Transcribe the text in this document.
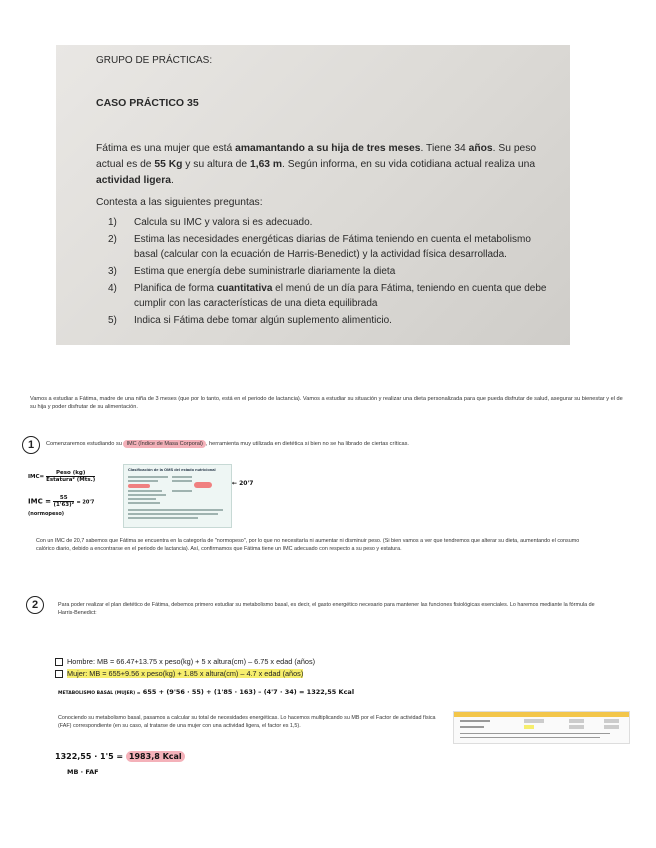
GRUPO DE PRÁCTICAS:
CASO PRÁCTICO 35
Fátima es una mujer que está amamantando a su hija de tres meses. Tiene 34 años. Su peso actual es de 55 Kg y su altura de 1,63 m. Según informa, en su vida cotidiana actual realiza una actividad ligera.
Contesta a las siguientes preguntas:
1)	Calcula su IMC y valora si es adecuado.
2)	Estima las necesidades energéticas diarias de Fátima teniendo en cuenta el metabolismo basal (calcular con la ecuación de Harris-Benedict) y la actividad física desarrollada.
3)	Estima que energía debe suministrarle diariamente la dieta
4)	Planifica de forma cuantitativa el menú de un día para Fátima, teniendo en cuenta que debe cumplir con las características de una dieta equilibrada
5)	Indica si Fátima debe tomar algún suplemento alimenticio.
Vamos a estudiar a Fátima, madre de una niña de 3 meses (que por lo tanto, está en el periodo de lactancia). Vamos a estudiar su situación y realizar una dieta personalizada para que pueda disfrutar de salud, asegurar su bienestar y el de su hija y poder disfrutar de su alimentación.
1	Comenzaremos estudiando su IMC (Índice de Masa Corporal) , herramienta muy utilizada en dietética si bien no se ha librado de ciertas críticas.
$IMC= \frac{\text{Peso (kg)}}{\text{Estatura² (Mts.)}}$
IMC = $\frac{55}{\text{(1'63)²}} = 20'7$
(normopeso)
Clasificación de la OMS del estado nutricional
← 20'7
Con un IMC de 20,7 sabemos que Fátima se encuentra en la categoría de "normopeso", por lo que no necesitaría ni aumentar ni disminuir peso. (Si bien vamos a ver que tendremos que alterar su dieta, aumentando el consumo calórico diario, debido a encontrarse en el periodo de lactancia). Así, confirmamos que Fátima tiene un IMC adecuado con respecto a su peso y estatura.
2	Para poder realizar el plan dietético de Fátima, debemos primero estudiar su metabolismo basal, es decir, el gasto energético necesario para mantener las funciones fisiológicas esenciales. Lo haremos mediante la fórmula de Harris-Benedict:
Hombre: MB = 66.47+13.75 x peso(kg) + 5 x altura(cm) – 6.75 x edad (años)
Mujer: MB = 655+9.56 x peso(kg) + 1.85 x altura(cm) – 4.7 x edad (años)
METABOLISMO BASAL (MUJER) = 655 + (9'56 · 55) + (1'85 · 163) – (4'7 · 34) = 1322,55 Kcal
Conociendo su metabolismo basal, pasamos a calcular su total de necesidades energéticas. Lo hacemos multiplicando su MB por el Factor de actividad física (FAF) correspondiente (en su caso, al tratarse de una mujer con una actividad ligera, el factor es 1,5).
1322,55 · 1'5 = 1983,8 Kcal
MB · FAF
